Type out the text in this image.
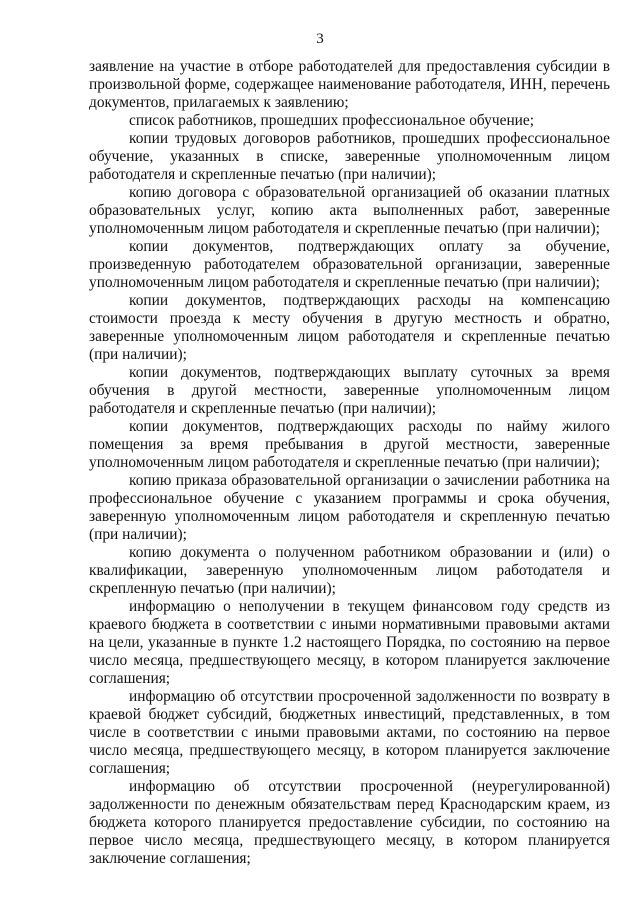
3

заявление на участие в отборе работодателей для предоставления субсидии в произвольной форме, содержащее наименование работодателя, ИНН, перечень документов, прилагаемых к заявлению;

список работников, прошедших профессиональное обучение;

копии трудовых договоров работников, прошедших профессиональное обучение, указанных в списке, заверенные уполномоченным лицом работодателя и скрепленные печатью (при наличии);

копию договора с образовательной организацией об оказании платных образовательных услуг, копию акта выполненных работ, заверенные уполномоченным лицом работодателя и скрепленные печатью (при наличии);

копии документов, подтверждающих оплату за обучение, произведенную работодателем образовательной организации, заверенные уполномоченным лицом работодателя и скрепленные печатью (при наличии);

копии документов, подтверждающих расходы на компенсацию стоимости проезда к месту обучения в другую местность и обратно, заверенные уполномоченным лицом работодателя и скрепленные печатью (при наличии);

копии документов, подтверждающих выплату суточных за время обучения в другой местности, заверенные уполномоченным лицом работодателя и скрепленные печатью (при наличии);

копии документов, подтверждающих расходы по найму жилого помещения за время пребывания в другой местности, заверенные уполномоченным лицом работодателя и скрепленные печатью (при наличии);

копию приказа образовательной организации о зачислении работника на профессиональное обучение с указанием программы и срока обучения, заверенную уполномоченным лицом работодателя и скрепленную печатью (при наличии);

копию документа о полученном работником образовании и (или) о квалификации, заверенную уполномоченным лицом работодателя и скрепленную печатью (при наличии);

информацию о неполучении в текущем финансовом году средств из краевого бюджета в соответствии с иными нормативными правовыми актами на цели, указанные в пункте 1.2 настоящего Порядка, по состоянию на первое число месяца, предшествующего месяцу, в котором планируется заключение соглашения;

информацию об отсутствии просроченной задолженности по возврату в краевой бюджет субсидий, бюджетных инвестиций, представленных, в том числе в соответствии с иными правовыми актами, по состоянию на первое число месяца, предшествующего месяцу, в котором планируется заключение соглашения;

информацию об отсутствии просроченной (неурегулированной) задолженности по денежным обязательствам перед Краснодарским краем, из бюджета которого планируется предоставление субсидии, по состоянию на первое число месяца, предшествующего месяцу, в котором планируется заключение соглашения;
